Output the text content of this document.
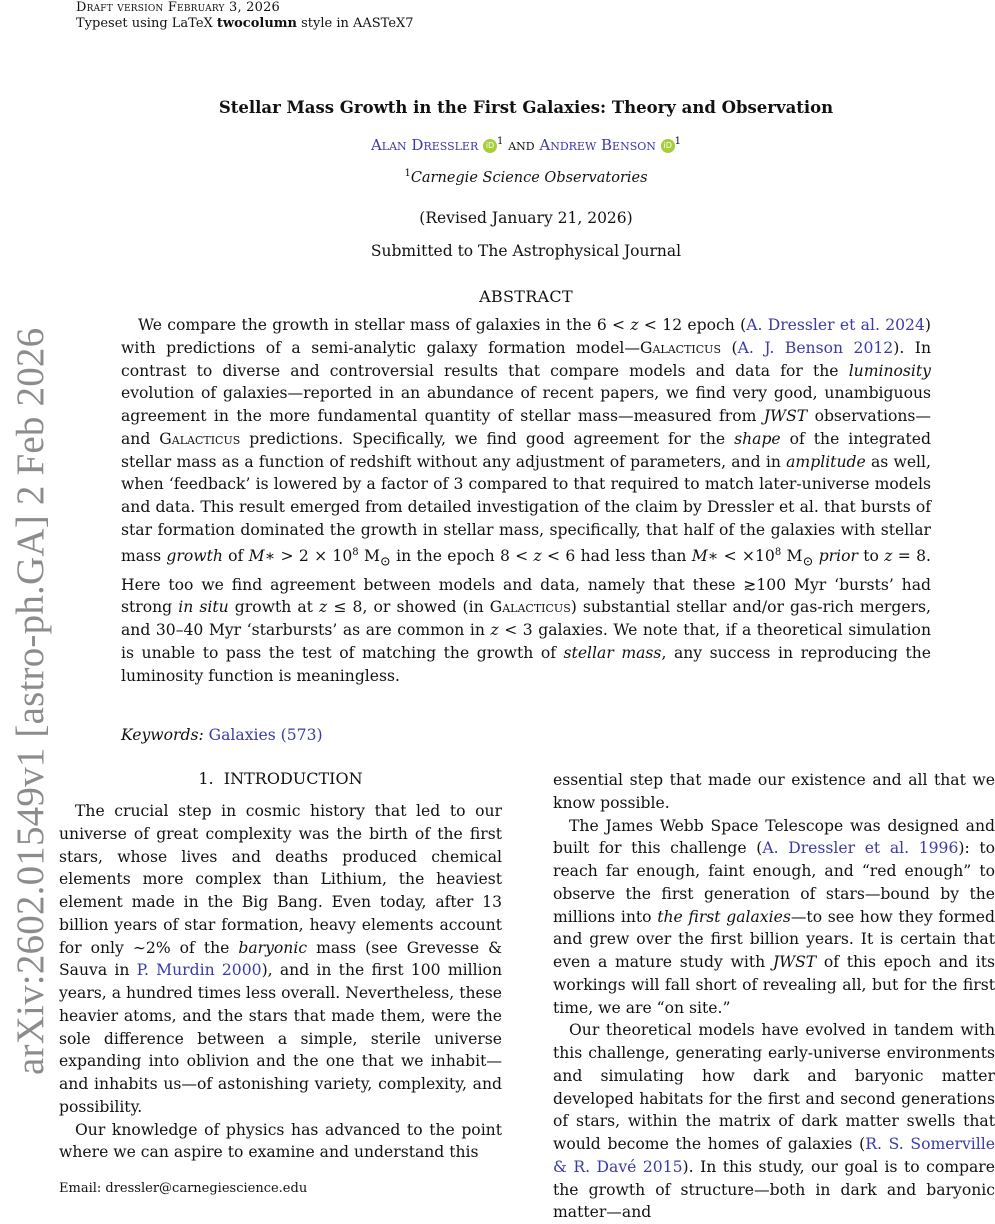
Draft version February 3, 2026
Typeset using LaTeX twocolumn style in AASTeX7
arXiv:2602.01549v1 [astro-ph.GA] 2 Feb 2026
Stellar Mass Growth in the First Galaxies: Theory and Observation
Alan Dressler iD $^1$ and Andrew Benson iD $^1$
$^1$Carnegie Science Observatories
(Revised January 21, 2026)
Submitted to The Astrophysical Journal
ABSTRACT

We compare the growth in stellar mass of galaxies in the 6 < z < 12 epoch (A. Dressler et al. 2024) with predictions of a semi-analytic galaxy formation model—Galacticus (A. J. Benson 2012). In contrast to diverse and controversial results that compare models and data for the luminosity evolution of galaxies—reported in an abundance of recent papers, we find very good, unambiguous agreement in the more fundamental quantity of stellar mass—measured from JWST observations—and Galacticus predictions. Specifically, we find good agreement for the shape of the integrated stellar mass as a function of redshift without any adjustment of parameters, and in amplitude as well, when ‘feedback’ is lowered by a factor of 3 compared to that required to match later-universe models and data. This result emerged from detailed investigation of the claim by Dressler et al. that bursts of star formation dominated the growth in stellar mass, specifically, that half of the galaxies with stellar mass growth of M∗ > $2 \times 10^8$ $M_⊙$ in the epoch 8 < z < 6 had less than M∗ < $\times 10^8$ $M_⊙$ prior to z = 8. Here too we find agreement between models and data, namely that these ≳100 Myr ‘bursts’ had strong in situ growth at z ≤ 8, or showed (in Galacticus) substantial stellar and/or gas-rich mergers, and 30–40 Myr ‘starbursts’ as are common in z < 3 galaxies. We note that, if a theoretical simulation is unable to pass the test of matching the growth of stellar mass, any success in reproducing the luminosity function is meaningless.

Keywords: Galaxies (573)
1. INTRODUCTION

The crucial step in cosmic history that led to our universe of great complexity was the birth of the first stars, whose lives and deaths produced chemical elements more complex than Lithium, the heaviest element made in the Big Bang. Even today, after 13 billion years of star formation, heavy elements account for only ∼2% of the baryonic mass (see Grevesse & Sauva in P. Murdin 2000), and in the first 100 million years, a hundred times less overall. Nevertheless, these heavier atoms, and the stars that made them, were the sole difference between a simple, sterile universe expanding into oblivion and the one that we inhabit—and inhabits us—of astonishing variety, complexity, and possibility.

Our knowledge of physics has advanced to the point where we can aspire to examine and understand this

essential step that made our existence and all that we know possible.

The James Webb Space Telescope was designed and built for this challenge (A. Dressler et al. 1996): to reach far enough, faint enough, and “red enough” to observe the first generation of stars—bound by the millions into the first galaxies—to see how they formed and grew over the first billion years. It is certain that even a mature study with JWST of this epoch and its workings will fall short of revealing all, but for the first time, we are “on site.”

Our theoretical models have evolved in tandem with this challenge, generating early-universe environments and simulating how dark and baryonic matter developed habitats for the first and second generations of stars, within the matrix of dark matter swells that would become the homes of galaxies (R. S. Somerville & R. Davé 2015). In this study, our goal is to compare the growth of structure—both in dark and baryonic matter—and

Email: dressler@carnegiescience.edu
